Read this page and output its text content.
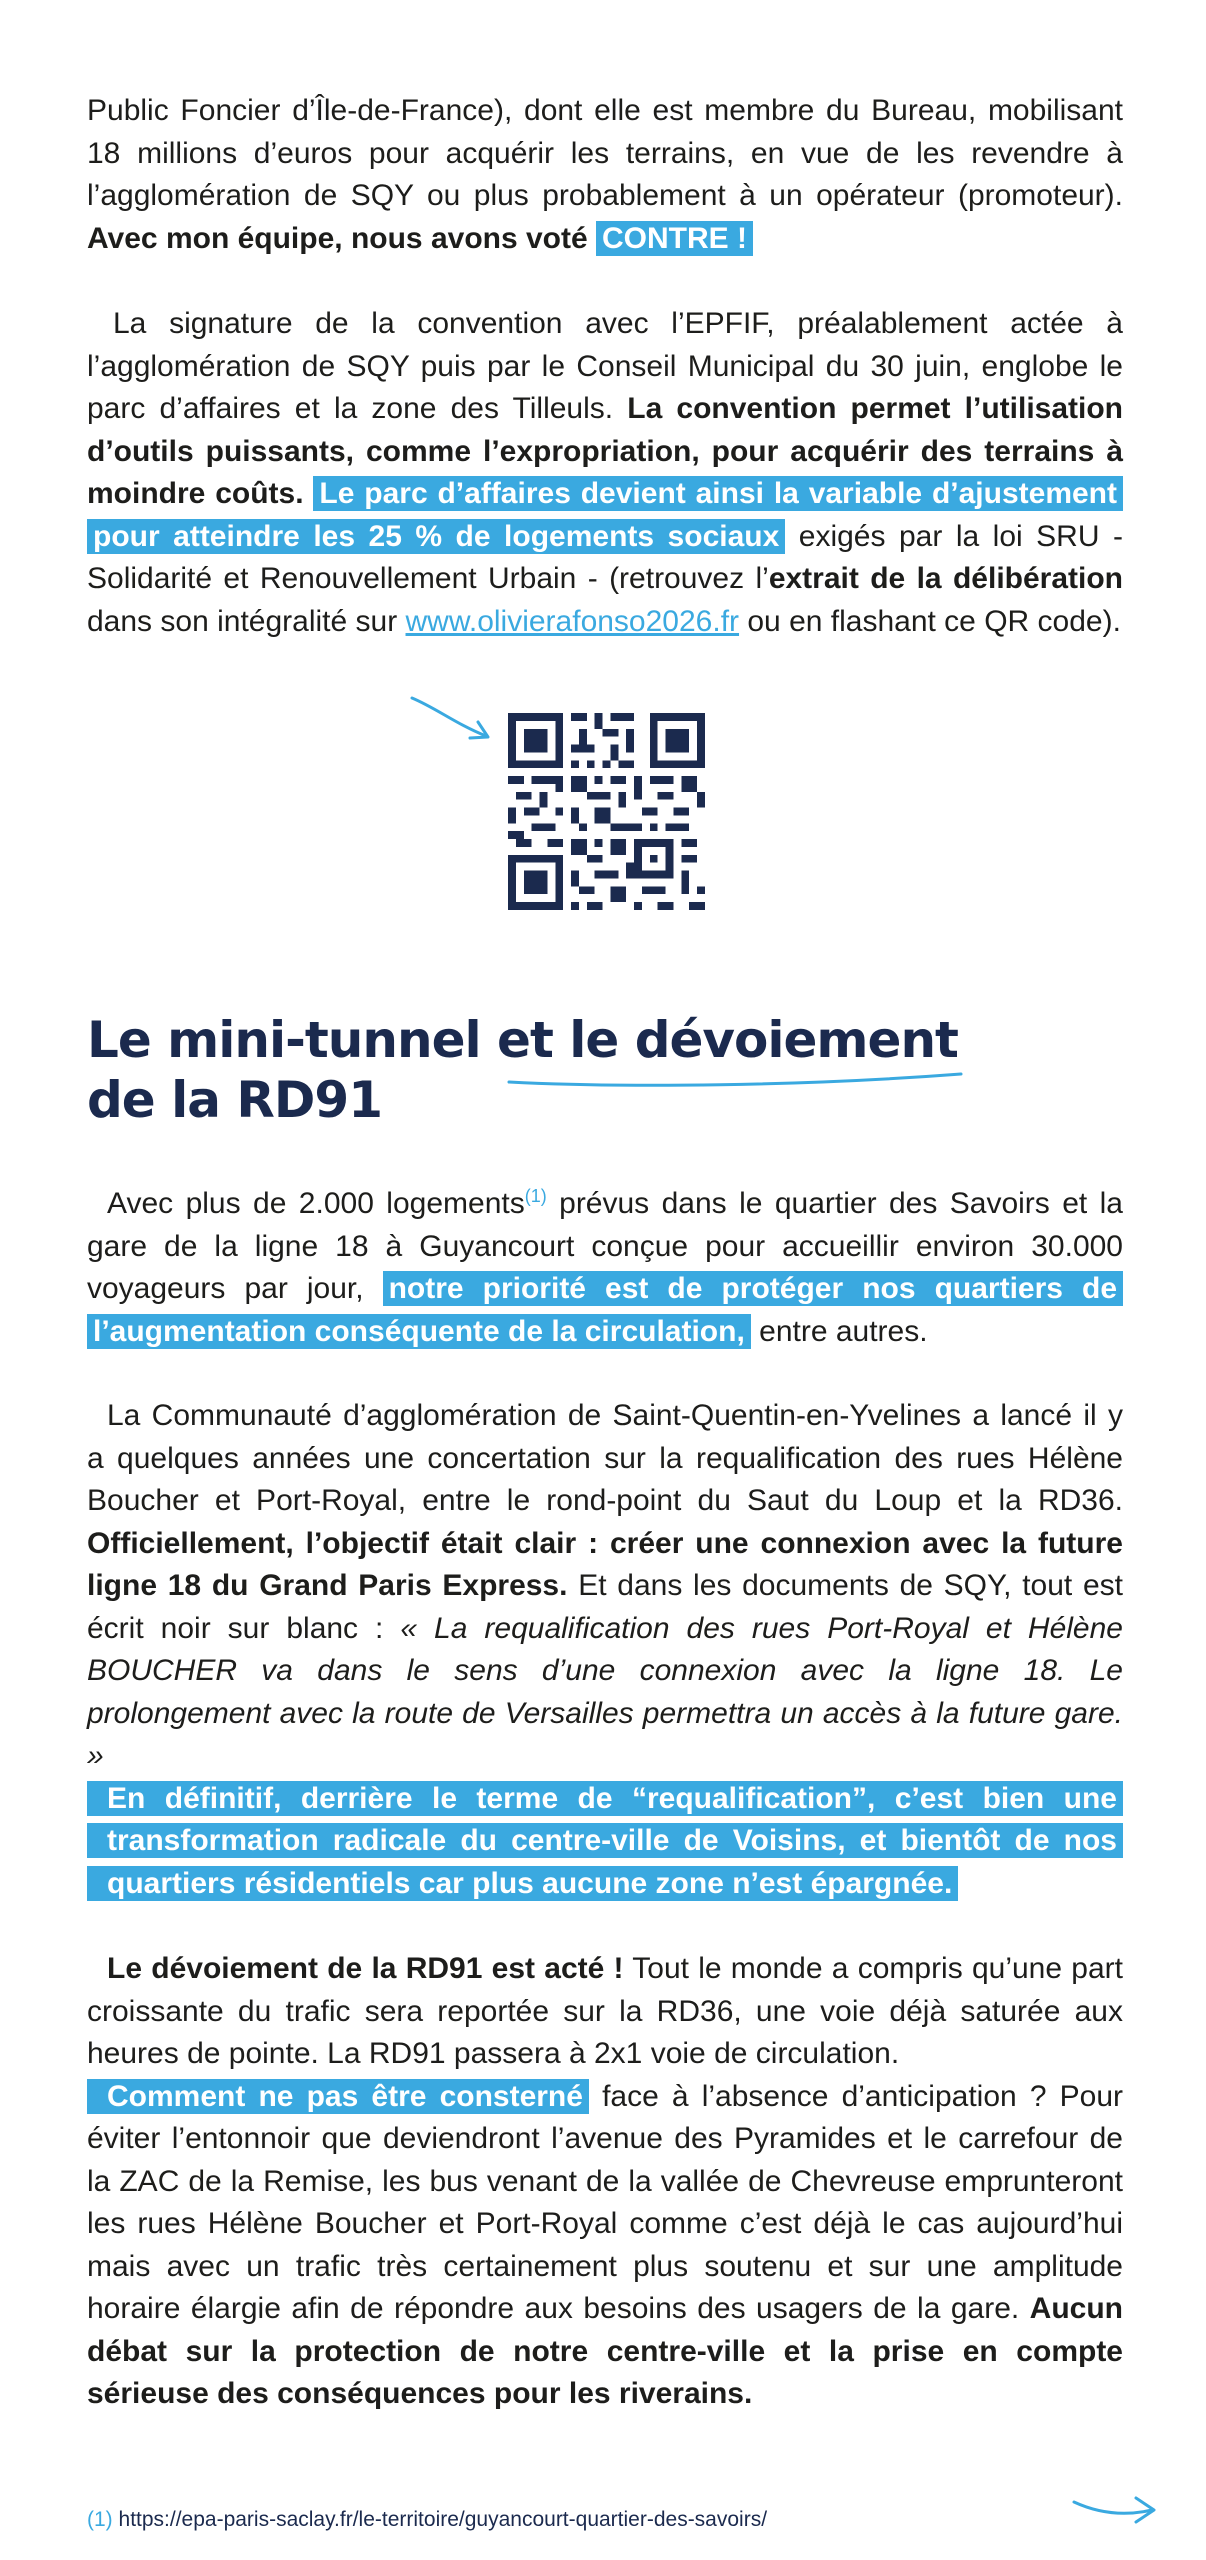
Public Foncier d’Île-de-France), dont elle est membre du Bureau, mobilisant 18 millions d’euros pour acquérir les terrains, en vue de les revendre à l’agglomération de SQY ou plus probablement à un opérateur (promoteur). Avec mon équipe, nous avons voté CONTRE !

La signature de la convention avec l’EPFIF, préalablement actée à l’agglomération de SQY puis par le Conseil Municipal du 30 juin, englobe le parc d’affaires et la zone des Tilleuls. La convention permet l’utilisation d’outils puissants, comme l’expropriation, pour acquérir des terrains à moindre coûts. Le parc d’affaires devient ainsi la variable d’ajustement pour atteindre les 25 % de logements sociaux exigés par la loi SRU - Solidarité et Renouvellement Urbain - (retrouvez l’extrait de la délibération dans son intégralité sur www.olivierafonso2026.fr ou en flashant ce QR code).

Le mini-tunnel et le dévoiement
de la RD91

Avec plus de 2.000 logements$^{(1)}$ prévus dans le quartier des Savoirs et la gare de la ligne 18 à Guyancourt conçue pour accueillir environ 30.000 voyageurs par jour, notre priorité est de protéger nos quartiers de l’augmentation conséquente de la circulation, entre autres.

La Communauté d’agglomération de Saint-Quentin-en-Yvelines a lancé il y a quelques années une concertation sur la requalification des rues Hélène Boucher et Port-Royal, entre le rond-point du Saut du Loup et la RD36. Officiellement, l’objectif était clair : créer une connexion avec la future ligne 18 du Grand Paris Express. Et dans les documents de SQY, tout est écrit noir sur blanc : « La requalification des rues Port-Royal et Hélène BOUCHER va dans le sens d’une connexion avec la ligne 18. Le prolongement avec la route de Versailles permettra un accès à la future gare. »
En définitif, derrière le terme de “requalification”, c’est bien une transformation radicale du centre-ville de Voisins, et bientôt de nos quartiers résidentiels car plus aucune zone n’est épargnée.

Le dévoiement de la RD91 est acté ! Tout le monde a compris qu’une part croissante du trafic sera reportée sur la RD36, une voie déjà saturée aux heures de pointe. La RD91 passera à 2x1 voie de circulation.
Comment ne pas être consterné face à l’absence d’anticipation ? Pour éviter l’entonnoir que deviendront l’avenue des Pyramides et le carrefour de la ZAC de la Remise, les bus venant de la vallée de Chevreuse emprunteront les rues Hélène Boucher et Port-Royal comme c’est déjà le cas aujourd’hui mais avec un trafic très certainement plus soutenu et sur une amplitude horaire élargie afin de répondre aux besoins des usagers de la gare. Aucun débat sur la protection de notre centre-ville et la prise en compte sérieuse des conséquences pour les riverains.

(1) https://epa-paris-saclay.fr/le-territoire/guyancourt-quartier-des-savoirs/
